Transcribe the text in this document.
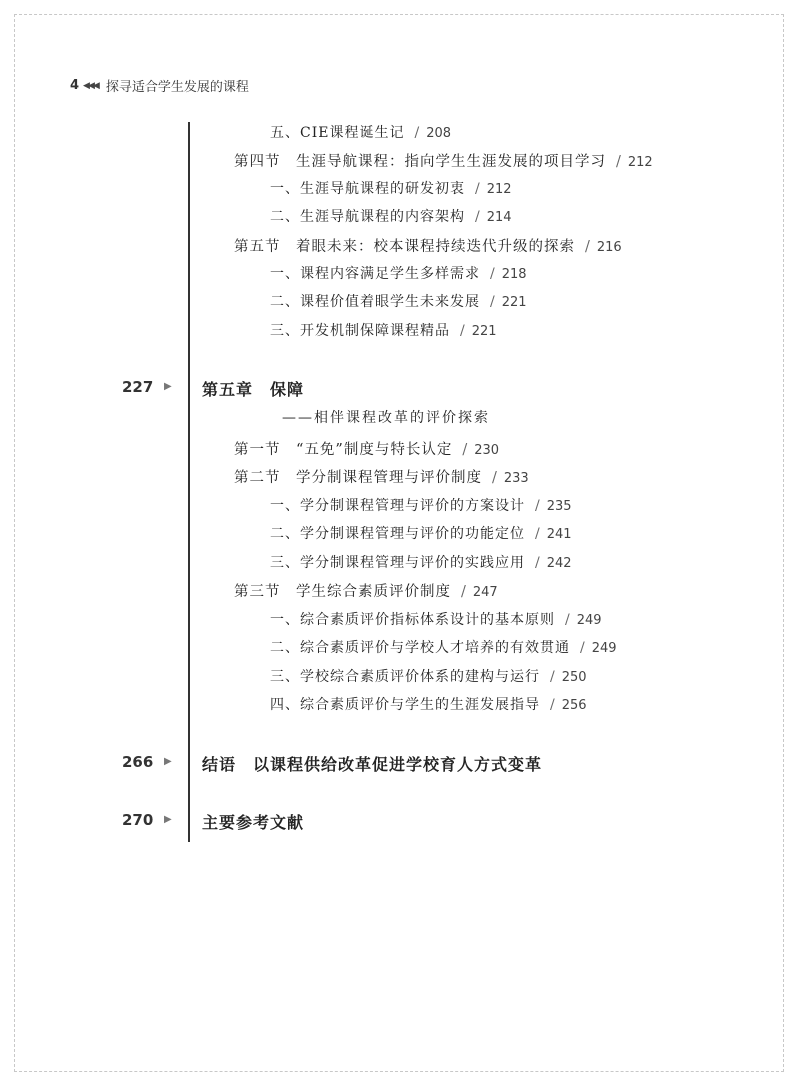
4 ◀◀◀ 探寻适合学生发展的课程
五、CIE课程诞生记 / 208
第四节　生涯导航课程：指向学生生涯发展的项目学习 / 212
一、生涯导航课程的研发初衷 / 212
二、生涯导航课程的内容架构 / 214
第五节　着眼未来：校本课程持续迭代升级的探索 / 216
一、课程内容满足学生多样需求 / 218
二、课程价值着眼学生未来发展 / 221
三、开发机制保障课程精品 / 221
227 ▶ 第五章　保障
——相伴课程改革的评价探索
第一节　“五免”制度与特长认定 / 230
第二节　学分制课程管理与评价制度 / 233
一、学分制课程管理与评价的方案设计 / 235
二、学分制课程管理与评价的功能定位 / 241
三、学分制课程管理与评价的实践应用 / 242
第三节　学生综合素质评价制度 / 247
一、综合素质评价指标体系设计的基本原则 / 249
二、综合素质评价与学校人才培养的有效贯通 / 249
三、学校综合素质评价体系的建构与运行 / 250
四、综合素质评价与学生的生涯发展指导 / 256
266 ▶ 结语　以课程供给改革促进学校育人方式变革
270 ▶ 主要参考文献
